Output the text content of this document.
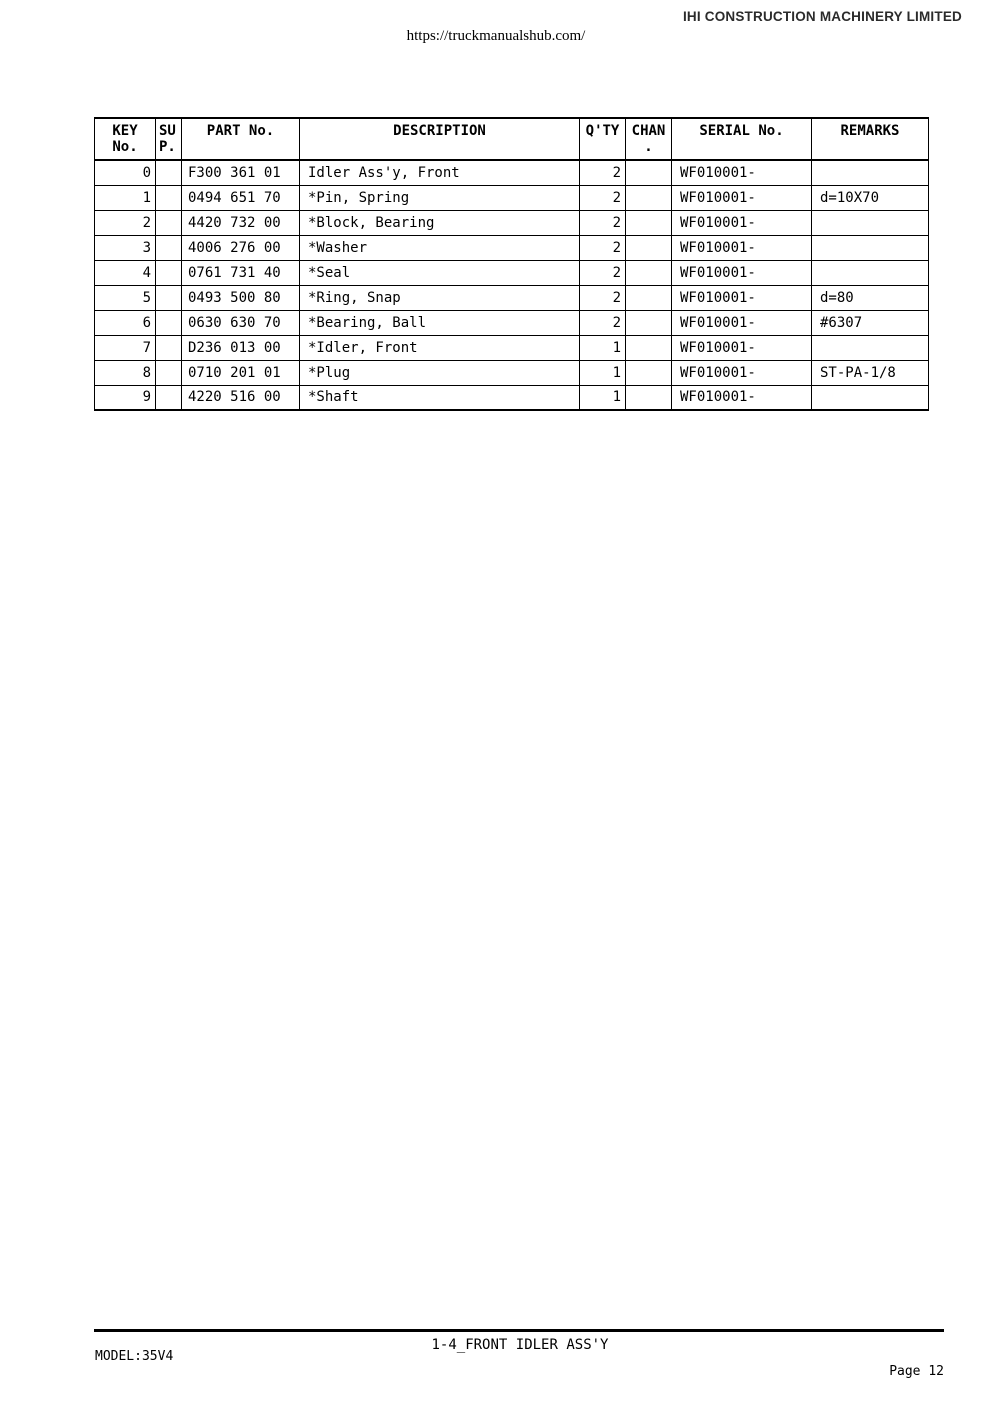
IHI CONSTRUCTION MACHINERY LIMITED
https://truckmanualshub.com/
KEY No.	SU P.	PART No.	DESCRIPTION	Q'TY	CHAN .	SERIAL No.	REMARKS
0		F300 361 01	Idler Ass'y, Front	2		WF010001-	
1		0494 651 70	*Pin, Spring	2		WF010001-	d=10X70
2		4420 732 00	*Block, Bearing	2		WF010001-	
3		4006 276 00	*Washer	2		WF010001-	
4		0761 731 40	*Seal	2		WF010001-	
5		0493 500 80	*Ring, Snap	2		WF010001-	d=80
6		0630 630 70	*Bearing, Ball	2		WF010001-	#6307
7		D236 013 00	*Idler, Front	1		WF010001-	
8		0710 201 01	*Plug	1		WF010001-	ST-PA-1/8
9		4220 516 00	*Shaft	1		WF010001-	
1-4_FRONT IDLER ASS'Y
MODEL:35V4
Page 12
